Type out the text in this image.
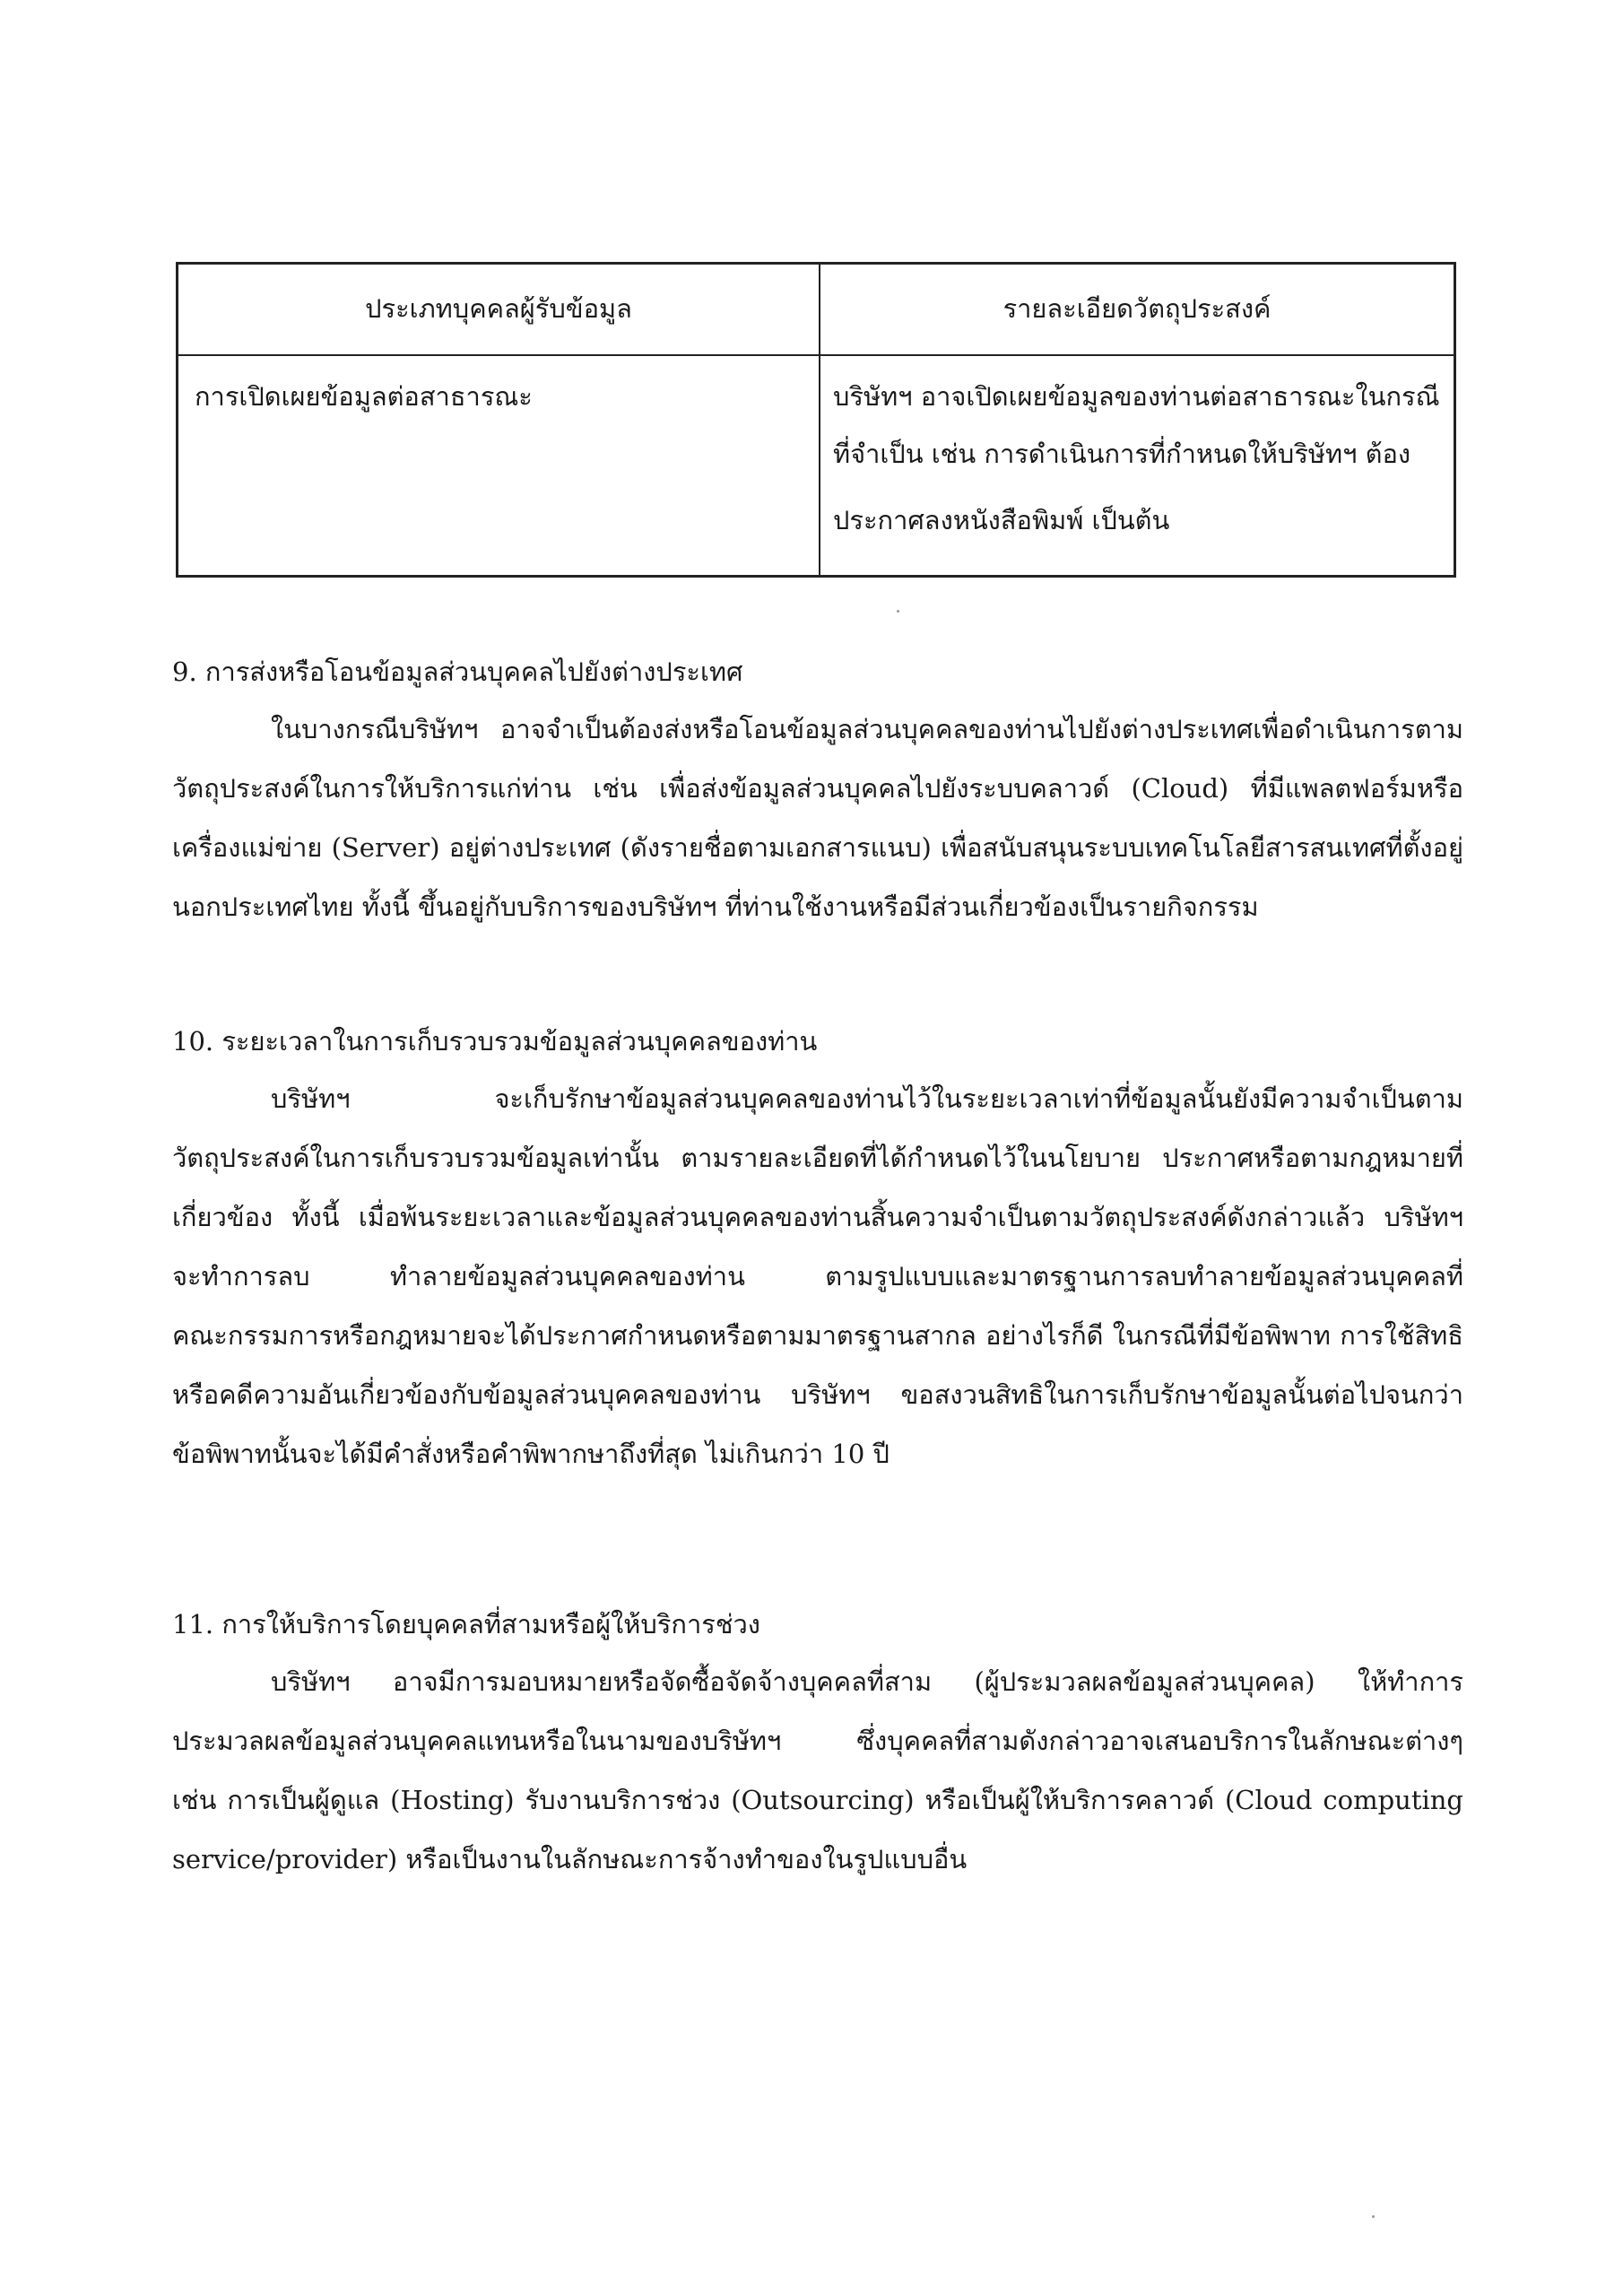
ประเภทบุคคลผู้รับข้อมูล	รายละเอียดวัตถุประสงค์
การเปิดเผยข้อมูลต่อสาธารณะ	บริษัทฯ อาจเปิดเผยข้อมูลของท่านต่อสาธารณะในกรณี
ที่จำเป็น เช่น การดำเนินการที่กำหนดให้บริษัทฯ ต้อง
ประกาศลงหนังสือพิมพ์ เป็นต้น
9. การส่งหรือโอนข้อมูลส่วนบุคคลไปยังต่างประเทศ
ในบางกรณีบริษัทฯ อาจจำเป็นต้องส่งหรือโอนข้อมูลส่วนบุคคลของท่านไปยังต่างประเทศเพื่อดำเนินการตาม
วัตถุประสงค์ในการให้บริการแก่ท่าน เช่น เพื่อส่งข้อมูลส่วนบุคคลไปยังระบบคลาวด์ (Cloud) ที่มีแพลตฟอร์มหรือ
เครื่องแม่ข่าย (Server) อยู่ต่างประเทศ (ดังรายชื่อตามเอกสารแนบ) เพื่อสนับสนุนระบบเทคโนโลยีสารสนเทศที่ตั้งอยู่
นอกประเทศไทย ทั้งนี้ ขึ้นอยู่กับบริการของบริษัทฯ ที่ท่านใช้งานหรือมีส่วนเกี่ยวข้องเป็นรายกิจกรรม
10. ระยะเวลาในการเก็บรวบรวมข้อมูลส่วนบุคคลของท่าน
บริษัทฯ จะเก็บรักษาข้อมูลส่วนบุคคลของท่านไว้ในระยะเวลาเท่าที่ข้อมูลนั้นยังมีความจำเป็นตาม
วัตถุประสงค์ในการเก็บรวบรวมข้อมูลเท่านั้น ตามรายละเอียดที่ได้กำหนดไว้ในนโยบาย ประกาศหรือตามกฎหมายที่
เกี่ยวข้อง ทั้งนี้ เมื่อพ้นระยะเวลาและข้อมูลส่วนบุคคลของท่านสิ้นความจำเป็นตามวัตถุประสงค์ดังกล่าวแล้ว บริษัทฯ
จะทำการลบ ทำลายข้อมูลส่วนบุคคลของท่าน ตามรูปแบบและมาตรฐานการลบทำลายข้อมูลส่วนบุคคลที่
คณะกรรมการหรือกฎหมายจะได้ประกาศกำหนดหรือตามมาตรฐานสากล อย่างไรก็ดี ในกรณีที่มีข้อพิพาท การใช้สิทธิ
หรือคดีความอันเกี่ยวข้องกับข้อมูลส่วนบุคคลของท่าน บริษัทฯ ขอสงวนสิทธิในการเก็บรักษาข้อมูลนั้นต่อไปจนกว่า
ข้อพิพาทนั้นจะได้มีคำสั่งหรือคำพิพากษาถึงที่สุด ไม่เกินกว่า 10 ปี
11. การให้บริการโดยบุคคลที่สามหรือผู้ให้บริการช่วง
บริษัทฯ อาจมีการมอบหมายหรือจัดซื้อจัดจ้างบุคคลที่สาม (ผู้ประมวลผลข้อมูลส่วนบุคคล) ให้ทำการ
ประมวลผลข้อมูลส่วนบุคคลแทนหรือในนามของบริษัทฯ ซึ่งบุคคลที่สามดังกล่าวอาจเสนอบริการในลักษณะต่างๆ
เช่น การเป็นผู้ดูแล (Hosting) รับงานบริการช่วง (Outsourcing) หรือเป็นผู้ให้บริการคลาวด์ (Cloud computing
service/provider) หรือเป็นงานในลักษณะการจ้างทำของในรูปแบบอื่น
